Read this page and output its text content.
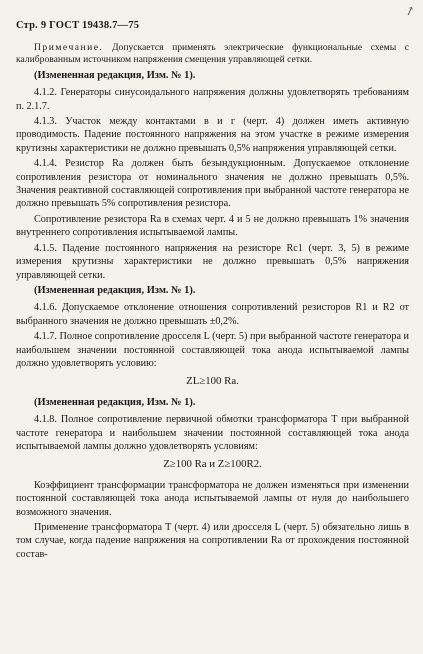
Стр. 9 ГОСТ 19438.7—75
↗

Примечание. Допускается применять электрические функциональные схемы с калиброванным источником напряжения смещения управляющей сетки.

(Измененная редакция, Изм. № 1).

4.1.2. Генераторы синусоидального напряжения должны удовлетворять требованиям п. 2.1.7.

4.1.3. Участок между контактами в и г (черт. 4) должен иметь активную проводимость. Падение постоянного напряжения на этом участке в режиме измерения крутизны характеристики не должно превышать 0,5% напряжения управляющей сетки.

4.1.4. Резистор Rа должен быть безындукционным. Допускаемое отклонение сопротивления резистора от номинального значения не должно превышать 0,5%. Значения реактивной составляющей сопротивления при выбранной частоте генератора не должно превышать 5% сопротивления резистора.

Сопротивление резистора Rа в схемах черт. 4 и 5 не должно превышать 1% значения внутреннего сопротивления испытываемой лампы.

4.1.5. Падение постоянного напряжения на резисторе Rс1 (черт. 3, 5) в режиме измерения крутизны характеристики не должно превышать 0,5% напряжения управляющей сетки.

(Измененная редакция, Изм. № 1).

4.1.6. Допускаемое отклонение отношения сопротивлений резисторов R1 и R2 от выбранного значения не должно превышать ±0,2%.

4.1.7. Полное сопротивление дросселя L (черт. 5) при выбранной частоте генератора и наибольшем значении постоянной составляющей тока анода испытываемой лампы должно удовлетворять условию:

ZL≥100 Rа.

(Измененная редакция, Изм. № 1).

4.1.8. Полное сопротивление первичной обмотки трансформатора T при выбранной частоте генератора и наибольшем значении постоянной составляющей тока анода испытываемой лампы должно удовлетворять условиям:

Z≥100 Rа и Z≥100R2.

Коэффициент трансформации трансформатора не должен изменяться при изменении постоянной составляющей тока анода испытываемой лампы от нуля до наибольшего возможного значения.

Применение трансформатора T (черт. 4) или дросселя L (черт. 5) обязательно лишь в том случае, когда падение напряжения на сопротивлении Rа от прохождения постоянной состав-
